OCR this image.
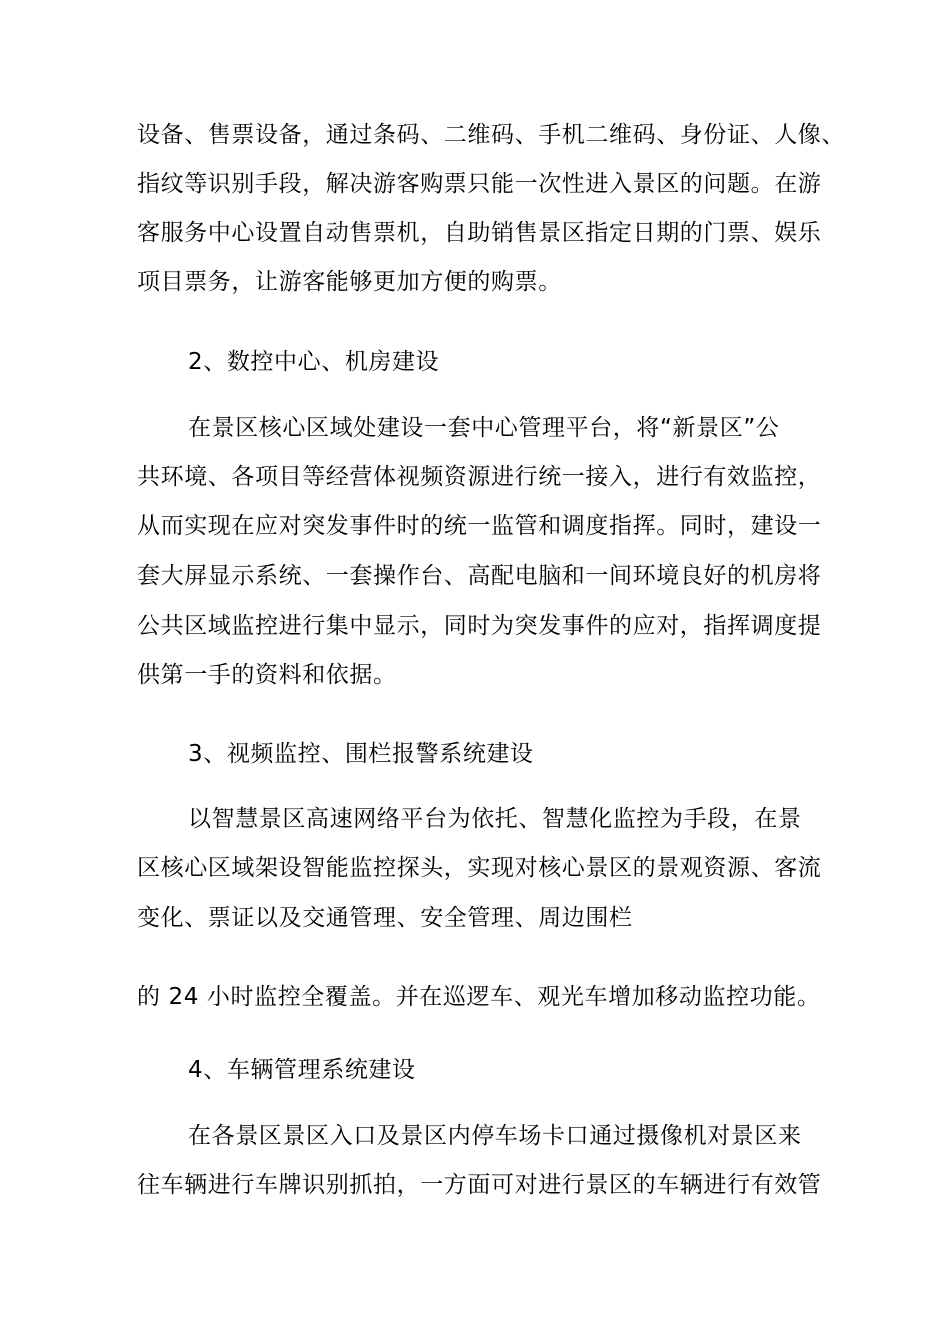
设备、售票设备，通过条码、二维码、手机二维码、身份证、人像、
指纹等识别手段，解决游客购票只能一次性进入景区的问题。在游
客服务中心设置自动售票机，自助销售景区指定日期的门票、娱乐
项目票务，让游客能够更加方便的购票。
2、数控中心、机房建设
在景区核心区域处建设一套中心管理平台，将“新景区”公
共环境、各项目等经营体视频资源进行统一接入，进行有效监控，
从而实现在应对突发事件时的统一监管和调度指挥。同时，建设一
套大屏显示系统、一套操作台、高配电脑和一间环境良好的机房将
公共区域监控进行集中显示，同时为突发事件的应对，指挥调度提
供第一手的资料和依据。
3、视频监控、围栏报警系统建设
以智慧景区高速网络平台为依托、智慧化监控为手段，在景
区核心区域架设智能监控探头，实现对核心景区的景观资源、客流
变化、票证以及交通管理、安全管理、周边围栏
的 24 小时监控全覆盖。并在巡逻车、观光车增加移动监控功能。
4、车辆管理系统建设
在各景区景区入口及景区内停车场卡口通过摄像机对景区来
往车辆进行车牌识别抓拍，一方面可对进行景区的车辆进行有效管
